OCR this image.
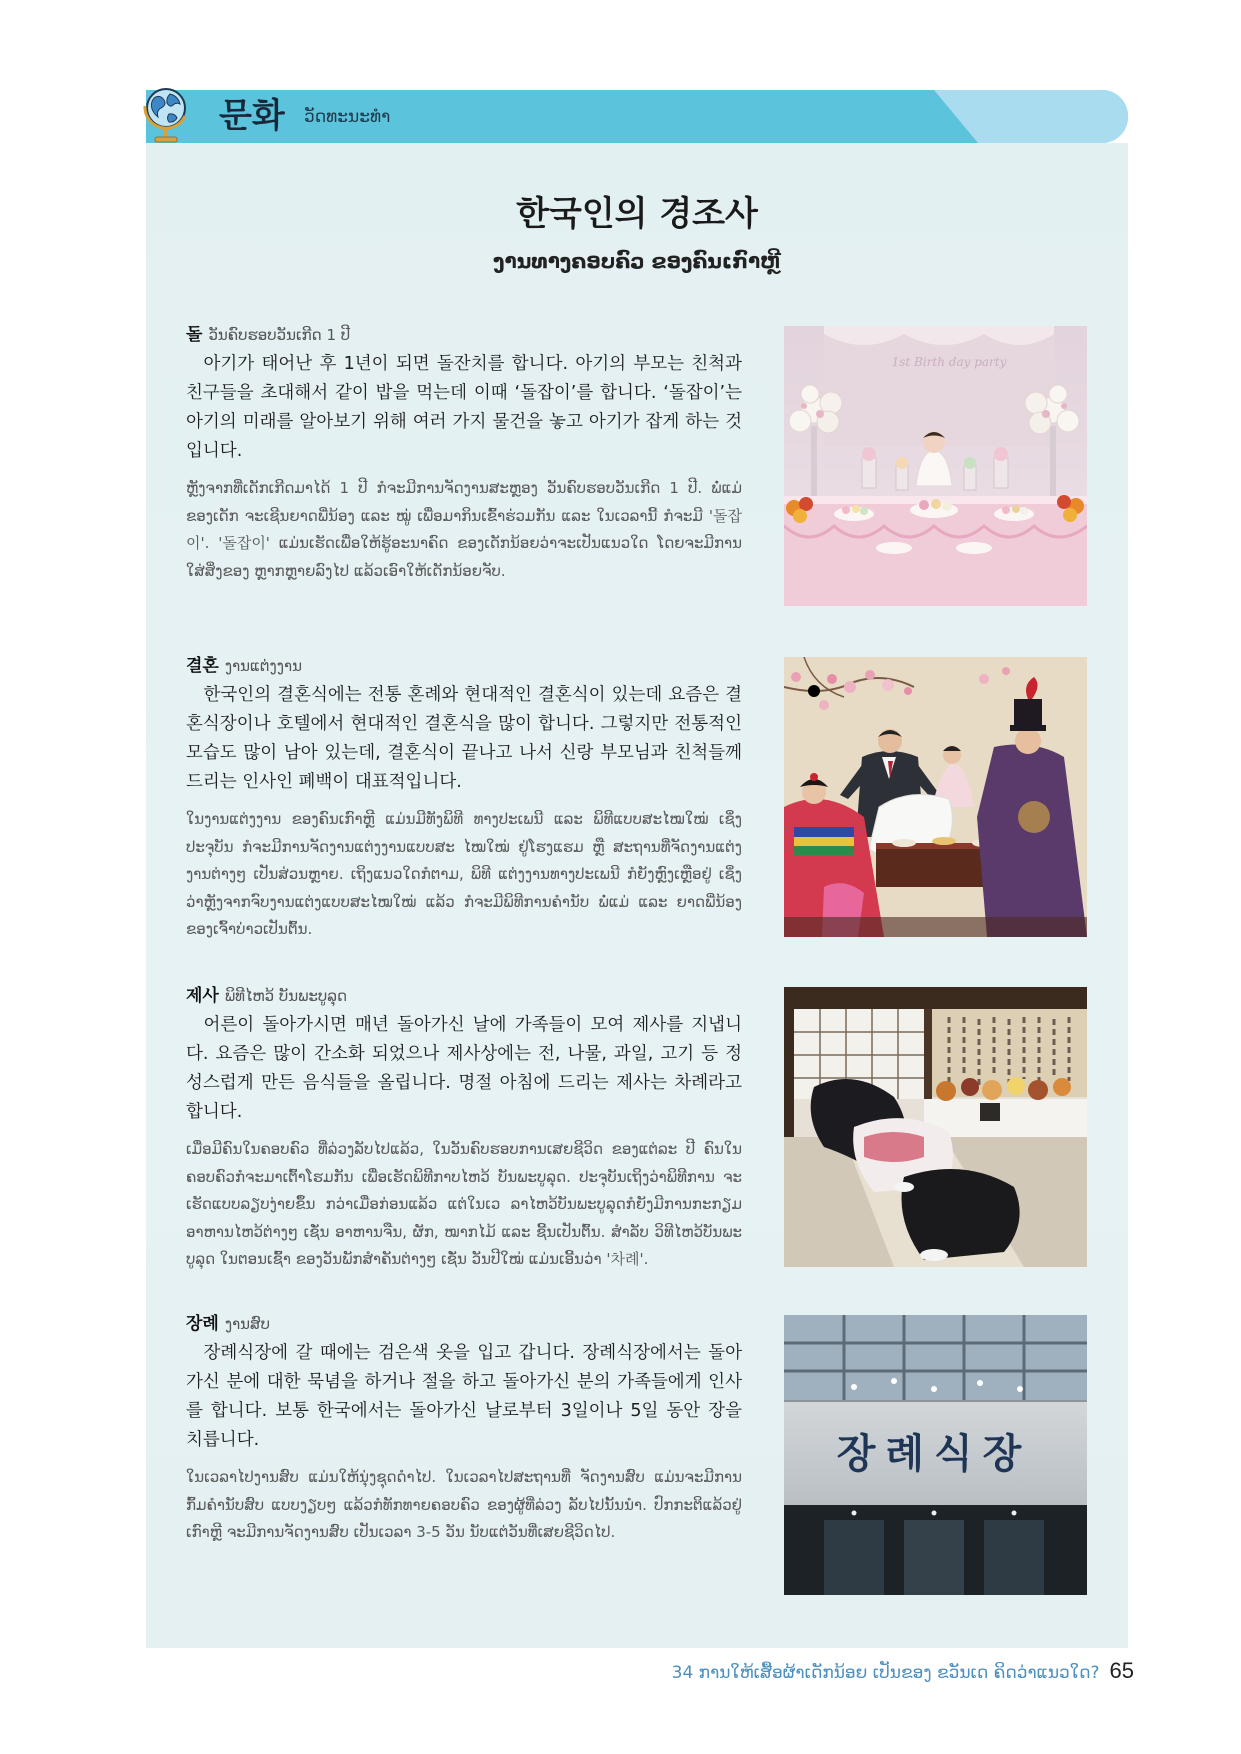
문화 ວັດທະນະທຳ
한국인의 경조사
ງານທາງຄອບຄົວ ຂອງຄົນເກົາຫຼີ
돌 ວັນຄົບຮອບວັນເກີດ 1 ປີ

아기가 태어난 후 1년이 되면 돌잔치를 합니다. 아기의 부모는 친척과 친구들을 초대해서 같이 밥을 먹는데 이때 ‘돌잡이’를 합니다. ‘돌잡이’는 아기의 미래를 알아보기 위해 여러 가지 물건을 놓고 아기가 잡게 하는 것입니다.

ຫຼັງຈາກທີ່ເດັກເກີດມາໄດ້ 1 ປີ ກໍຈະມີການຈັດງານສະຫຼອງ ວັນຄົບຮອບວັນເກີດ 1 ປີ. ພໍ່ແມ່ ຂອງເດັກ ຈະເຊີນຍາດພີ່ນ້ອງ ແລະ ໝູ່ ເພື່ອມາກິນເຂົ້າຮ່ວມກັນ ແລະ ໃນເວລານີ້ ກໍຈະມີ '돌잡이'. '돌잡이' ແມ່ນເຮັດເພື່ອໃຫ້ຮູ້ອະນາຄົດ ຂອງເດັກນ້ອຍວ່າຈະເປັນແນວໃດ ໂດຍຈະມີການໃສ່ສິ່ງຂອງ ຫຼາກຫຼາຍລົງໄປ ແລ້ວເອົາໃຫ້ເດັກນ້ອຍຈັບ.

1st Birth day party
결혼 ງານແຕ່ງງານ

한국인의 결혼식에는 전통 혼례와 현대적인 결혼식이 있는데 요즘은 결혼식장이나 호텔에서 현대적인 결혼식을 많이 합니다. 그렇지만 전통적인 모습도 많이 남아 있는데, 결혼식이 끝나고 나서 신랑 부모님과 친척들께 드리는 인사인 폐백이 대표적입니다.

ໃນງານແຕ່ງງານ ຂອງຄົນເກົາຫຼີ ແມ່ນມີທັງພິທີ ທາງປະເພນີ ແລະ ພິທີແບບສະໄໝໃໝ່ ເຊິ່ງປະຈຸບັນ ກໍຈະມີການຈັດງານແຕ່ງງານແບບສະ ໄໝໃໝ່ ຢູ່ໂຮງແຮມ ຫຼື ສະຖານທີ່ຈັດງານແຕ່ງງານຕ່າງໆ ເປັນສ່ວນຫຼາຍ. ເຖິງແນວໃດກໍຕາມ, ພິທີ ແຕ່ງງານທາງປະເພນີ ກໍຍັງຫຼົງເຫຼືອຢູ່ ເຊິ່ງວ່າຫຼັງຈາກຈົບງານແຕ່ງແບບສະໄໝໃໝ່ ແລ້ວ ກໍຈະມີພິທີການຄຳນັບ ພໍ່ແມ່ ແລະ ຍາດພີ່ນ້ອງ ຂອງເຈົ້າບ່າວເປັນຕົ້ນ.

제사 ພິທີໄຫວ້ ບັນພະບູລຸດ

어른이 돌아가시면 매년 돌아가신 날에 가족들이 모여 제사를 지냅니다. 요즘은 많이 간소화 되었으나 제사상에는 전, 나물, 과일, 고기 등 정성스럽게 만든 음식들을 올립니다. 명절 아침에 드리는 제사는 차례라고 합니다.

ເມື່ອມີຄົນໃນຄອບຄົວ ທີ່ລ່ວງລັບໄປແລ້ວ, ໃນວັນຄົບຮອບການເສຍຊີວິດ ຂອງແຕ່ລະ ປີ ຄົນໃນຄອບຄົວກໍຈະມາເຕົ້າໂຮມກັນ ເພື່ອເຮັດພິທີກາບໄຫວ້ ບັນພະບູລຸດ. ປະຈຸບັນເຖິງວ່າພິທີການ ຈະເຮັດແບບລຽບງ່າຍຂຶ້ນ ກວ່າເມື່ອກ່ອນແລ້ວ ແຕ່ໃນເວ ລາໄຫວ້ບັນພະບູລຸດກໍຍັງມີການກະກຽມອາຫານໄຫວ້ຕ່າງໆ ເຊັ່ນ ອາຫານຈືນ, ຜັກ, ໝາກໄມ້ ແລະ ຊີ້ນເປັນຕົ້ນ. ສຳລັບ ວິທີໄຫວ້ບັນພະບູລຸດ ໃນຕອນເຊົ້າ ຂອງວັນພັກສຳຄັນຕ່າງໆ ເຊັ່ນ ວັນປີໃໝ່ ແມ່ນເອີ້ນວ່າ '차례'.

장례 ງານສົບ

장례식장에 갈 때에는 검은색 옷을 입고 갑니다. 장례식장에서는 돌아가신 분에 대한 묵념을 하거나 절을 하고 돌아가신 분의 가족들에게 인사를 합니다. 보통 한국에서는 돌아가신 날로부터 3일이나 5일 동안 장을 치릅니다.

ໃນເວລາໄປງານສົບ ແມ່ນໃຫ້ນຸ່ງຊຸດດຳໄປ. ໃນເວລາໄປສະຖານທີ່ ຈັດງານສົບ ແມ່ນຈະມີການກົ້ມຄຳນັບສົບ ແບບງຽບໆ ແລ້ວກໍທັກທາຍຄອບຄົວ ຂອງຜູ້ທີ່ລ່ວງ ລັບໄປນັ້ນນຳ. ປົກກະຕິແລ້ວຢູ່ເກົາຫຼີ ຈະມີການຈັດງານສົບ ເປັນເວລາ 3-5 ວັນ ນັບແຕ່ວັນທີ່ເສຍຊີວິດໄປ.

장례식장
34 ການໃຫ້ເສື້ອຜ້າເດັກນ້ອຍ ເປັນຂອງ ຂວັນເດ ຄິດວ່າແນວໃດ? 65
